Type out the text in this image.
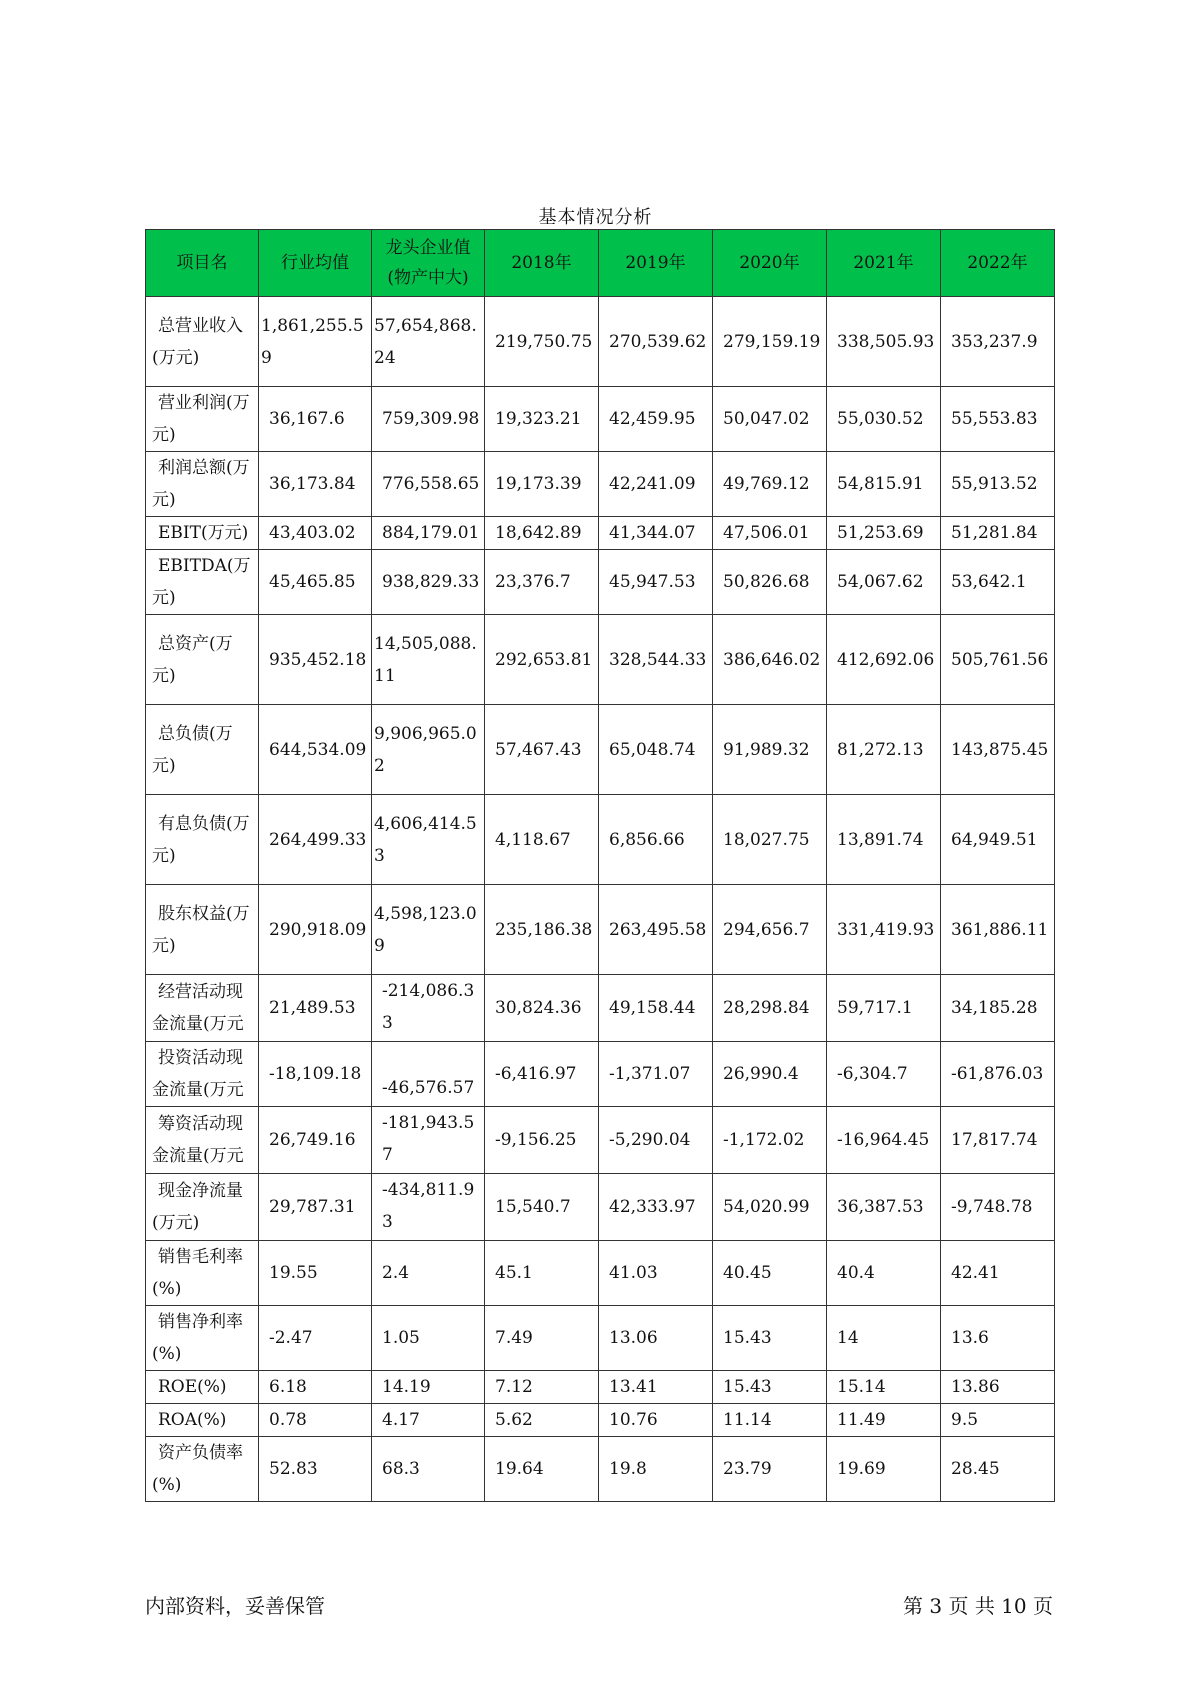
基本情况分析
项目名	行业均值	龙头企业值(物产中大)	2018年	2019年	2020年	2021年	2022年
总营业收入(万元)	1,861,255.59	57,654,868.24	219,750.75	270,539.62	279,159.19	338,505.93	353,237.9
营业利润(万元)	36,167.6	759,309.98	19,323.21	42,459.95	50,047.02	55,030.52	55,553.83
利润总额(万元)	36,173.84	776,558.65	19,173.39	42,241.09	49,769.12	54,815.91	55,913.52
EBIT(万元)	43,403.02	884,179.01	18,642.89	41,344.07	47,506.01	51,253.69	51,281.84
EBITDA(万元)	45,465.85	938,829.33	23,376.7	45,947.53	50,826.68	54,067.62	53,642.1
总资产(万元)	935,452.18	14,505,088.11	292,653.81	328,544.33	386,646.02	412,692.06	505,761.56
总负债(万元)	644,534.09	9,906,965.02	57,467.43	65,048.74	91,989.32	81,272.13	143,875.45
有息负债(万元)	264,499.33	4,606,414.53	4,118.67	6,856.66	18,027.75	13,891.74	64,949.51
股东权益(万元)	290,918.09	4,598,123.09	235,186.38	263,495.58	294,656.7	331,419.93	361,886.11
经营活动现金流量(万元	21,489.53	-214,086.33	30,824.36	49,158.44	28,298.84	59,717.1	34,185.28
投资活动现金流量(万元	-18,109.18	-46,576.57	-6,416.97	-1,371.07	26,990.4	-6,304.7	-61,876.03
筹资活动现金流量(万元	26,749.16	-181,943.57	-9,156.25	-5,290.04	-1,172.02	-16,964.45	17,817.74
现金净流量(万元)	29,787.31	-434,811.93	15,540.7	42,333.97	54,020.99	36,387.53	-9,748.78
销售毛利率(%)	19.55	2.4	45.1	41.03	40.45	40.4	42.41
销售净利率(%)	-2.47	1.05	7.49	13.06	15.43	14	13.6
ROE(%)	6.18	14.19	7.12	13.41	15.43	15.14	13.86
ROA(%)	0.78	4.17	5.62	10.76	11.14	11.49	9.5
资产负债率(%)	52.83	68.3	19.64	19.8	23.79	19.69	28.45
内部资料，妥善保管	第 3 页 共 10 页
